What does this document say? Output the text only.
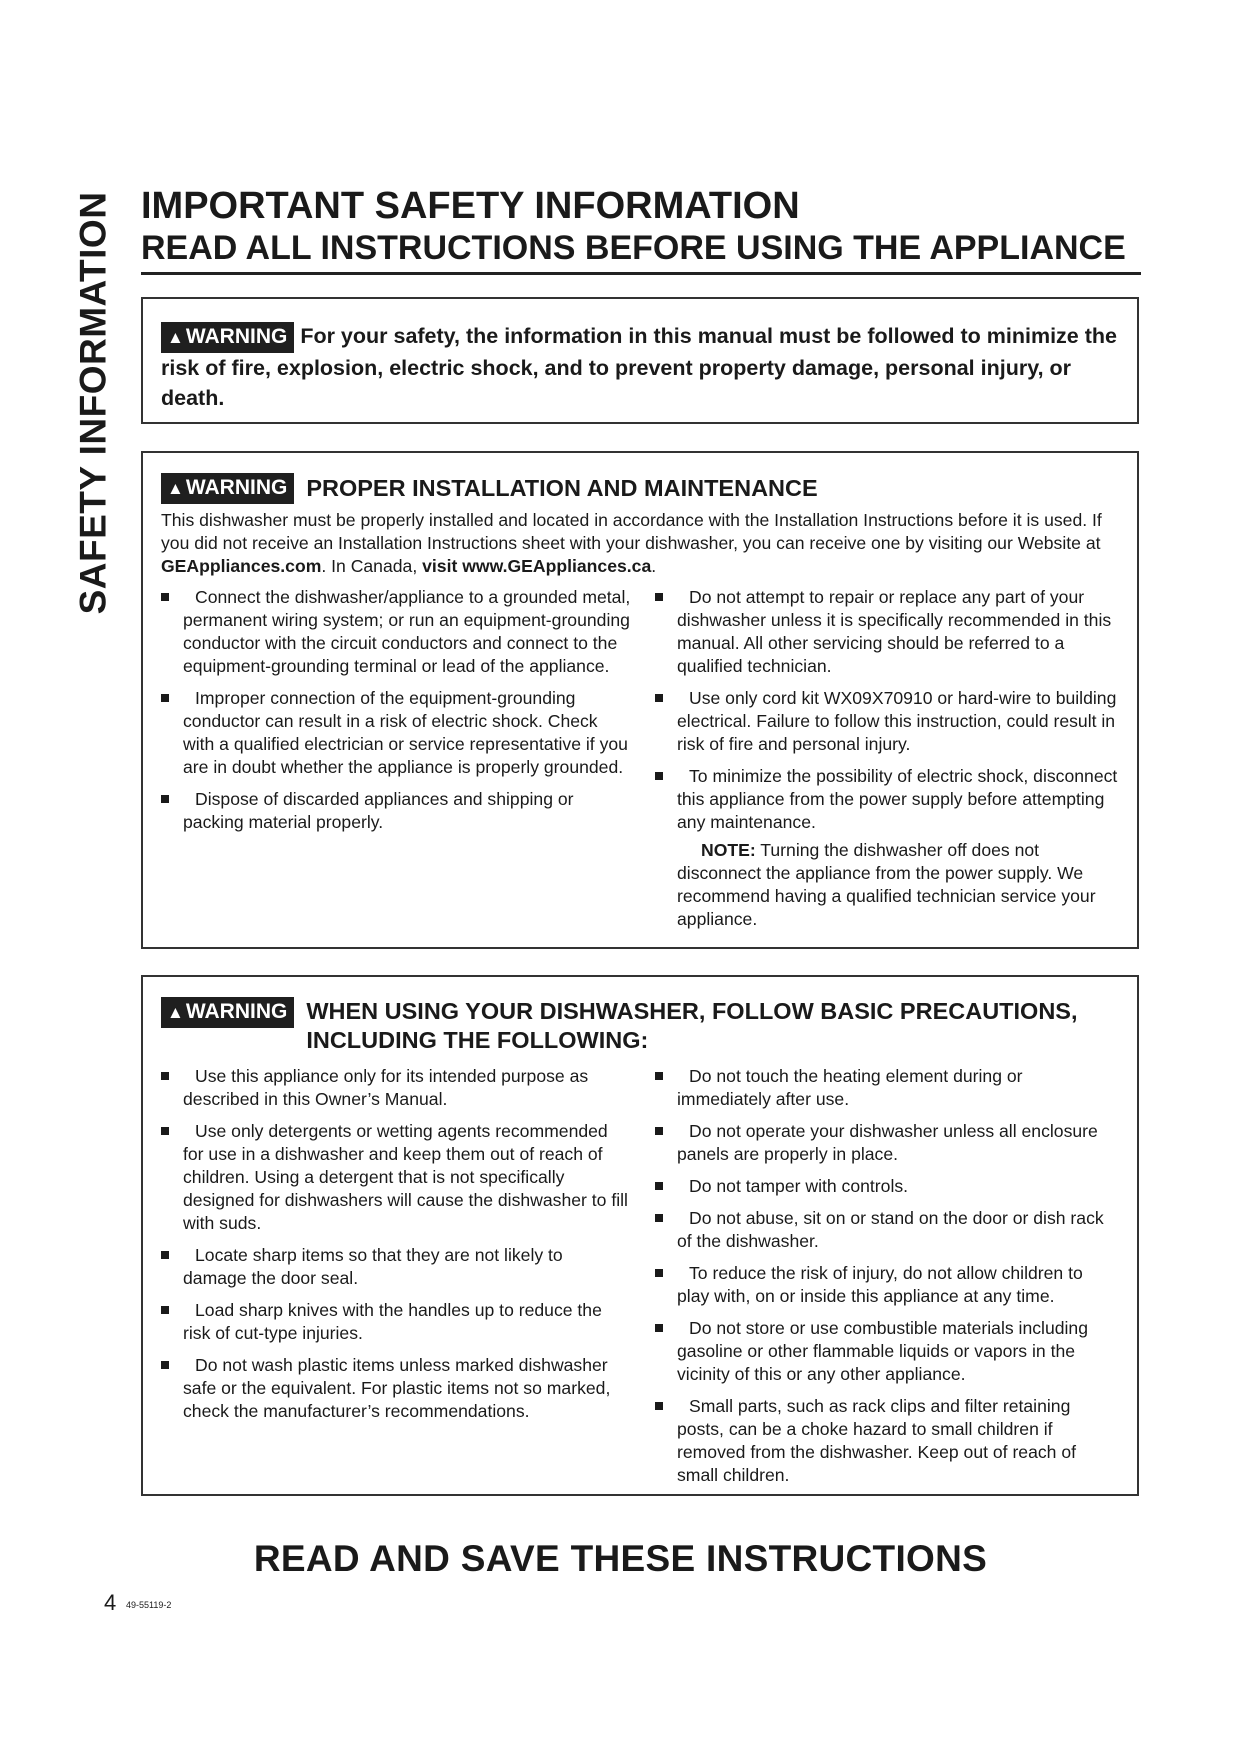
SAFETY INFORMATION IMPORTANT SAFETY INFORMATION
READ ALL INSTRUCTIONS BEFORE USING THE APPLIANCE

▲WARNING For your safety, the information in this manual must be followed to minimize the risk of fire, explosion, electric shock, and to prevent property damage, personal injury, or death.

▲WARNING PROPER INSTALLATION AND MAINTENANCE

This dishwasher must be properly installed and located in accordance with the Installation Instructions before it is used. If you did not receive an Installation Instructions sheet with your dishwasher, you can receive one by visiting our Website at GEAppliances.com. In Canada, visit www.GEAppliances.ca.

Connect the dishwasher/appliance to a grounded metal, permanent wiring system; or run an equipment-grounding conductor with the circuit conductors and connect to the equipment-grounding terminal or lead of the appliance.
Improper connection of the equipment-grounding conductor can result in a risk of electric shock. Check with a qualified electrician or service representative if you are in doubt whether the appliance is properly grounded.
Dispose of discarded appliances and shipping or packing material properly.
Do not attempt to repair or replace any part of your dishwasher unless it is specifically recommended in this manual. All other servicing should be referred to a qualified technician.
Use only cord kit WX09X70910 or hard-wire to building electrical. Failure to follow this instruction, could result in risk of fire and personal injury.
To minimize the possibility of electric shock, disconnect this appliance from the power supply before attempting any maintenance.
NOTE: Turning the dishwasher off does not disconnect the appliance from the power supply. We recommend having a qualified technician service your appliance.
▲WARNING WHEN USING YOUR DISHWASHER, FOLLOW BASIC PRECAUTIONS, INCLUDING THE FOLLOWING:
Use this appliance only for its intended purpose as described in this Owner’s Manual.
Use only detergents or wetting agents recommended for use in a dishwasher and keep them out of reach of children. Using a detergent that is not specifically designed for dishwashers will cause the dishwasher to fill with suds.
Locate sharp items so that they are not likely to damage the door seal.
Load sharp knives with the handles up to reduce the risk of cut-type injuries.
Do not wash plastic items unless marked dishwasher safe or the equivalent. For plastic items not so marked, check the manufacturer’s recommendations.
Do not touch the heating element during or immediately after use.
Do not operate your dishwasher unless all enclosure panels are properly in place.
Do not tamper with controls.
Do not abuse, sit on or stand on the door or dish rack of the dishwasher.
To reduce the risk of injury, do not allow children to play with, on or inside this appliance at any time.
Do not store or use combustible materials including gasoline or other flammable liquids or vapors in the vicinity of this or any other appliance.
Small parts, such as rack clips and filter retaining posts, can be a choke hazard to small children if removed from the dishwasher. Keep out of reach of small children.
READ AND SAVE THESE INSTRUCTIONS
4 49-55119-2
